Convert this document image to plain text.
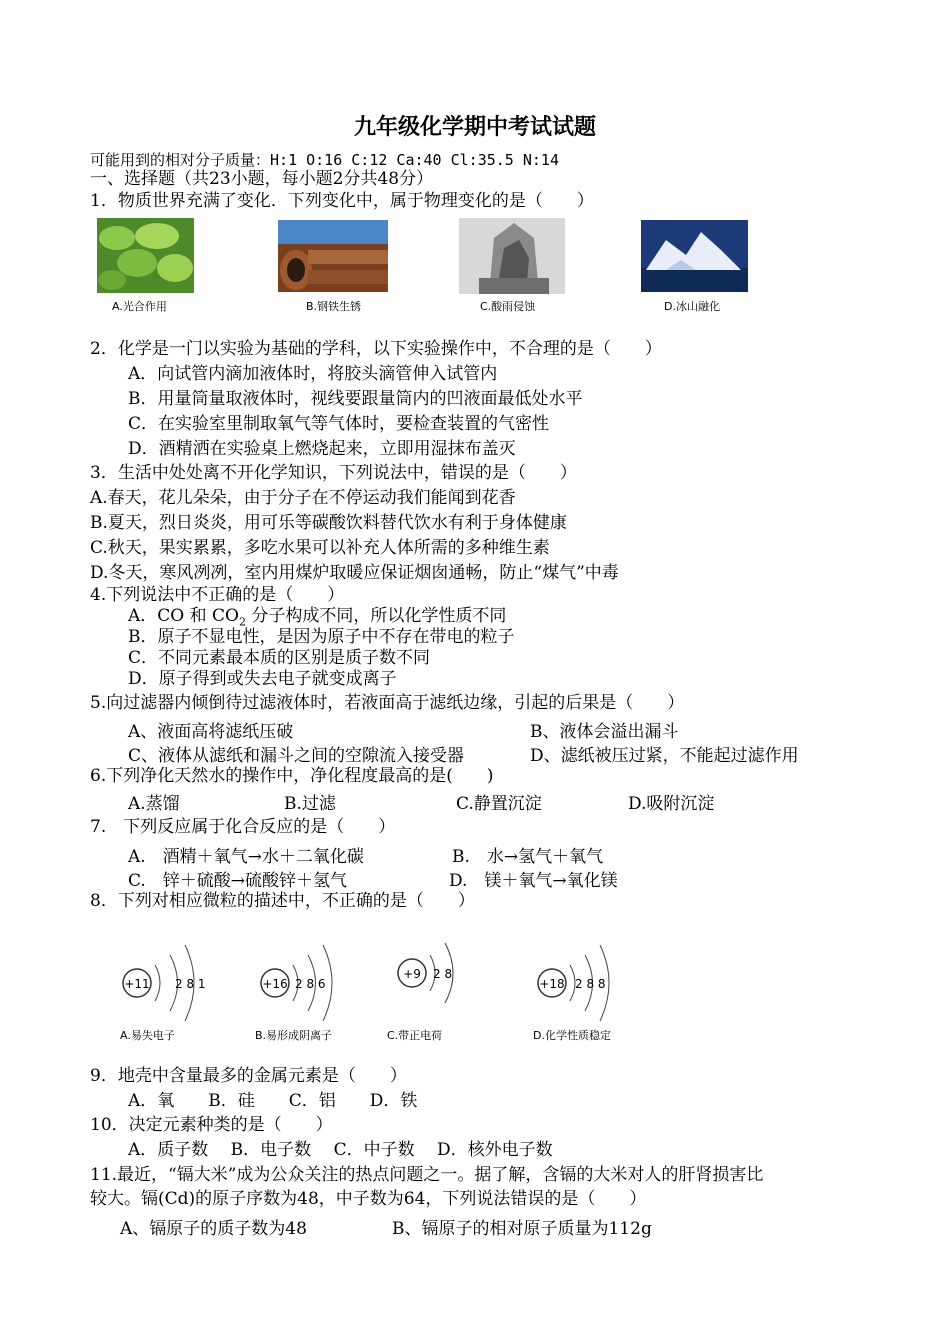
九年级化学期中考试试题
可能用到的相对分子质量：H:1 O:16 C:12 Ca:40 Cl:35.5 N:14
一、选择题（共23小题，每小题2分共48分）
1．物质世界充满了变化．下列变化中，属于物理变化的是（　　）
A.光合作用	B.钢铁生锈	C.酸雨侵蚀	D.冰山融化
2．化学是一门以实验为基础的学科，以下实验操作中，不合理的是（　　）
A．向试管内滴加液体时，将胶头滴管伸入试管内
B．用量筒量取液体时，视线要跟量筒内的凹液面最低处水平
C．在实验室里制取氧气等气体时，要检查装置的气密性
D．酒精洒在实验桌上燃烧起来，立即用湿抹布盖灭
3．生活中处处离不开化学知识，下列说法中，错误的是（　　）
A.春天，花儿朵朵，由于分子在不停运动我们能闻到花香
B.夏天，烈日炎炎，用可乐等碳酸饮料替代饮水有利于身体健康
C.秋天，果实累累，多吃水果可以补充人体所需的多种维生素
D.冬天，寒风冽冽，室内用煤炉取暖应保证烟囱通畅，防止“煤气”中毒
4.下列说法中不正确的是（　　）
A．CO 和 $CO_2$ 分子构成不同，所以化学性质不同
B．原子不显电性，是因为原子中不存在带电的粒子
C．不同元素最本质的区别是质子数不同
D．原子得到或失去电子就变成离子
5.向过滤器内倾倒待过滤液体时，若液面高于滤纸边缘，引起的后果是（　　）
A、液面高将滤纸压破	B、液体会溢出漏斗
C、液体从滤纸和漏斗之间的空隙流入接受器	D、滤纸被压过紧，不能起过滤作用
6.下列净化天然水的操作中，净化程度最高的是(　　)
A.蒸馏	B.过滤	C.静置沉淀	D.吸附沉淀
7.　下列反应属于化合反应的是（　　）
A.　酒精＋氧气→水＋二氧化碳	B.　水→氢气＋氧气
C.　锌＋硫酸→硫酸锌＋氢气	D.　镁＋氧气→氧化镁
8．下列对相应微粒的描述中，不正确的是（　　）
+11 2 8 1
A.易失电子
+16 2 8 6
B.易形成阴离子
+9 2 8
C.带正电荷
+18 2 8 8
D.化学性质稳定
9．地壳中含量最多的金属元素是（　　）
A．氧　　B．硅　　C．铝　　D．铁
10．决定元素种类的是（　　）
A．质子数　 B．电子数　 C．中子数　 D．核外电子数
11.最近，“镉大米”成为公众关注的热点问题之一。据了解，含镉的大米对人的肝肾损害比
较大。镉(Cd)的原子序数为48，中子数为64，下列说法错误的是（　　）
A、镉原子的质子数为48	B、镉原子的相对原子质量为112g
